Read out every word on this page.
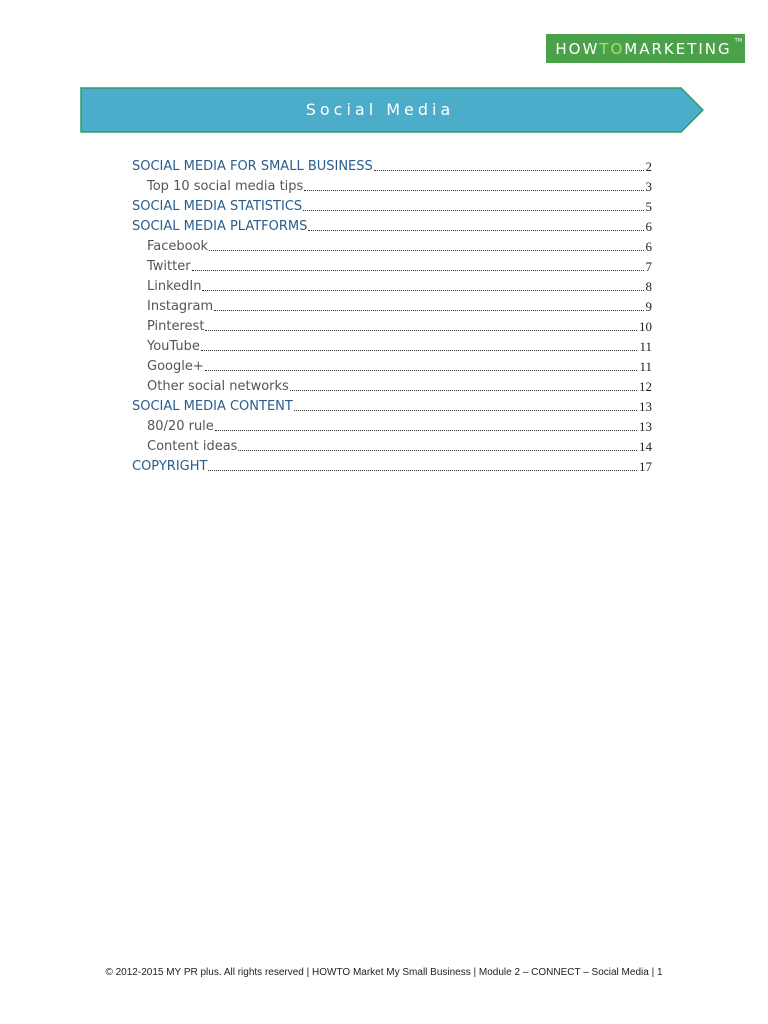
HOW TO MARKETING TM
Social Media
SOCIAL MEDIA FOR SMALL BUSINESS	2
Top 10 social media tips	3
SOCIAL MEDIA STATISTICS	5
SOCIAL MEDIA PLATFORMS	6
Facebook	6
Twitter	7
LinkedIn	8
Instagram	9
Pinterest	10
YouTube	11
Google+	11
Other social networks	12
SOCIAL MEDIA CONTENT	13
80/20 rule	13
Content ideas	14
COPYRIGHT	17
© 2012-2015 MY PR plus. All rights reserved | HOWTO Market My Small Business | Module 2 – CONNECT – Social Media | 1
